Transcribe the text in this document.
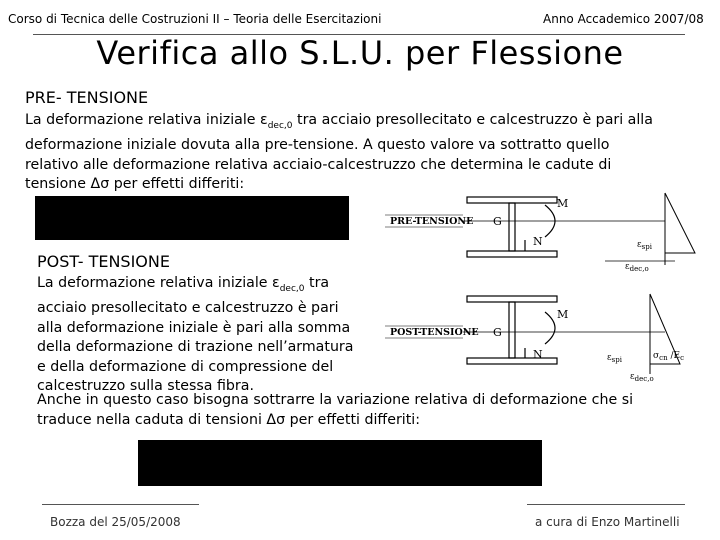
Corso di Tecnica delle Costruzioni II – Teoria delle Esercitazioni	Anno Accademico 2007/08
Verifica allo S.L.U. per Flessione
PRE- TENSIONE
La deformazione relativa iniziale $\varepsilon_{dec,0}$ tra acciaio presollecitato e calcestruzzo è pari alla
deformazione iniziale dovuta alla pre-tensione. A questo valore va sottratto quello
relativo alle deformazione relativa acciaio-calcestruzzo che determina le cadute di
tensione Δσ per effetti differiti:
PRE-TENSIONE G
M
N	$\varepsilon_{spi}$
$\varepsilon_{dec,o}$
POST- TENSIONE
La deformazione relativa iniziale $\varepsilon_{dec,0}$ tra
acciaio presollecitato e calcestruzzo è pari
alla deformazione iniziale è pari alla somma
della deformazione di trazione nell’armatura
e della deformazione di compressione del
calcestruzzo sulla stessa fibra.
Anche in questo caso bisogna sottrarre la variazione relativa di deformazione che si
traduce nella caduta di tensioni Δσ per effetti differiti:
POST-TENSIONE G
M
N	$\varepsilon_{spi}$	$\sigma_{cn}$ $/E_c$
$\varepsilon_{dec,o}$
Bozza del 25/05/2008	a cura di Enzo Martinelli
